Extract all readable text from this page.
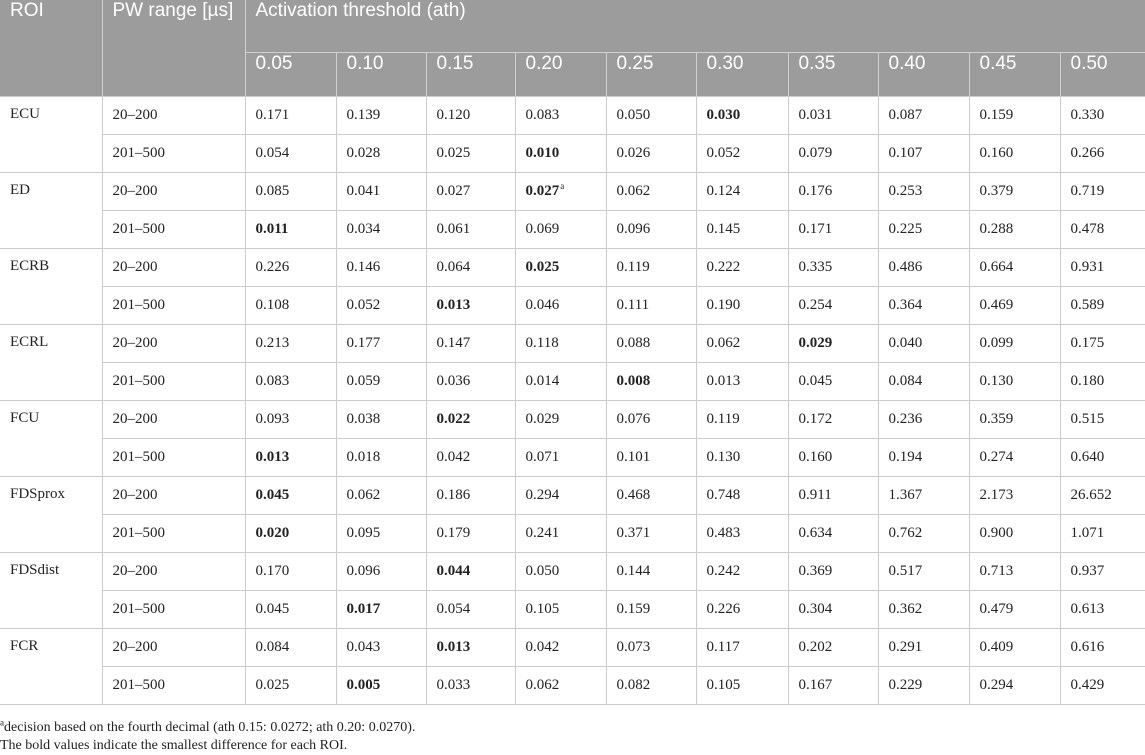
ROI	PW range [µs]	Activation threshold (ath)									
		0.05	0.10	0.15	0.20	0.25	0.30	0.35	0.40	0.45	0.50
ECU	20–200	0.171	0.139	0.120	0.083	0.050	0.030	0.031	0.087	0.159	0.330
	201–500	0.054	0.028	0.025	0.010	0.026	0.052	0.079	0.107	0.160	0.266
ED	20–200	0.085	0.041	0.027	0.027$^a$	0.062	0.124	0.176	0.253	0.379	0.719
	201–500	0.011	0.034	0.061	0.069	0.096	0.145	0.171	0.225	0.288	0.478
ECRB	20–200	0.226	0.146	0.064	0.025	0.119	0.222	0.335	0.486	0.664	0.931
	201–500	0.108	0.052	0.013	0.046	0.111	0.190	0.254	0.364	0.469	0.589
ECRL	20–200	0.213	0.177	0.147	0.118	0.088	0.062	0.029	0.040	0.099	0.175
	201–500	0.083	0.059	0.036	0.014	0.008	0.013	0.045	0.084	0.130	0.180
FCU	20–200	0.093	0.038	0.022	0.029	0.076	0.119	0.172	0.236	0.359	0.515
	201–500	0.013	0.018	0.042	0.071	0.101	0.130	0.160	0.194	0.274	0.640
FDSprox	20–200	0.045	0.062	0.186	0.294	0.468	0.748	0.911	1.367	2.173	26.652
	201–500	0.020	0.095	0.179	0.241	0.371	0.483	0.634	0.762	0.900	1.071
FDSdist	20–200	0.170	0.096	0.044	0.050	0.144	0.242	0.369	0.517	0.713	0.937
	201–500	0.045	0.017	0.054	0.105	0.159	0.226	0.304	0.362	0.479	0.613
FCR	20–200	0.084	0.043	0.013	0.042	0.073	0.117	0.202	0.291	0.409	0.616
	201–500	0.025	0.005	0.033	0.062	0.082	0.105	0.167	0.229	0.294	0.429
$^a$decision based on the fourth decimal (ath 0.15: 0.0272; ath 0.20: 0.0270).
The bold values indicate the smallest difference for each ROI.
